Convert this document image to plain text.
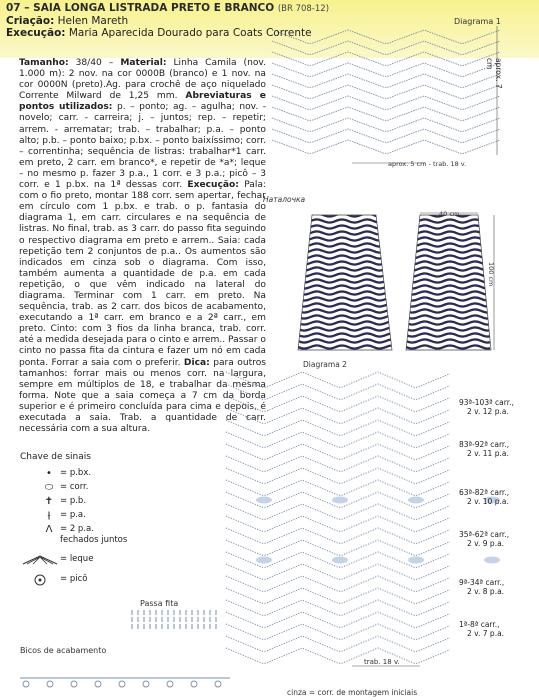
07 – SAIA LONGA LISTRADA PRETO E BRANCO (BR 708-12)
Criação: Helen Mareth
Execução: Maria Aparecida Dourado para Coats Corrente
Tamanho: 38/40 – Material: Linha Camila (nov. 1.000 m): 2 nov. na cor 0000B (branco) e 1 nov. na cor 0000N (preto).Ag. para crochê de aço niquelado Corrente Milward de 1,25 mm. Abreviaturas e pontos utilizados: p. – ponto; ag. – agulha; nov. - novelo; carr. - carreira; j. – juntos; rep. – repetir; arrem. - arrematar; trab. – trabalhar; p.a. – ponto alto; p.b. – ponto baixo; p.bx. – ponto baixíssimo; corr. – correntinha; sequência de listras: trabalhar*1 carr. em preto, 2 carr. em branco*, e repetir de *a*; leque – no mesmo p. fazer 3 p.a., 1 corr. e 3 p.a.; picô – 3 corr. e 1 p.bx. na 1ª dessas corr. Execução: Pala: com o fio preto, montar 188 corr. sem apertar, fechar em círculo com 1 p.bx. e trab. o p. fantasia do diagrama 1, em carr. circulares e na sequência de listras. No final, trab. as 3 carr. do passo fita seguindo o respectivo diagrama em preto e arrem.. Saia: cada repetição tem 2 conjuntos de p.a.. Os aumentos são indicados em cinza sob o diagrama. Com isso, também aumenta a quantidade de p.a. em cada repetição, o que vêm indicado na lateral do diagrama. Terminar com 1 carr. em preto. Na sequência, trab. as 2 carr. dos bicos de acabamento, executando a 1ª carr. em branco e a 2ª carr., em preto. Cinto: com 3 fios da linha branca, trab. corr. até a medida desejada para o cinto e arrem.. Passar o cinto no passa fita da cintura e fazer um nó em cada ponta. Forrar a saia com o preferir. Dica: para outros tamanhos: forrar mais ou menos corr. na largura, sempre em múltiplos de 18, e trabalhar da mesma forma. Note que a saia começa a 7 cm da borda superior e é primeiro concluída para cima e depois, é executada a saia. Trab. a quantidade de carr. necessária com a sua altura.
Diagrama 1
aprox. 7 cm
aprox. 5 cm - trab. 18 v.
Наталочка
40 cm
100 cm
Diagrama 2
93ª-103ª carr.,
2 v. 12 p.a.
83ª-92ª carr.,
2 v. 11 p.a.
63ª-82ª carr.,
2 v. 10 p.a.
35ª-62ª carr.,
2 v. 9 p.a.
9ª-34ª carr.,
2 v. 8 p.a.
1ª-8ª carr.,
2 v. 7 p.a.
trab. 18 v.
cinza = corr. de montagem iniciais
Passa fita
Bicos de acabamento
Chave de sinais
• = p.bx.
⬭ = corr.
✝ = p.b.
⫲	= p.a.
Ʌ = 2 p.a. fechados juntos
= leque
= picô
